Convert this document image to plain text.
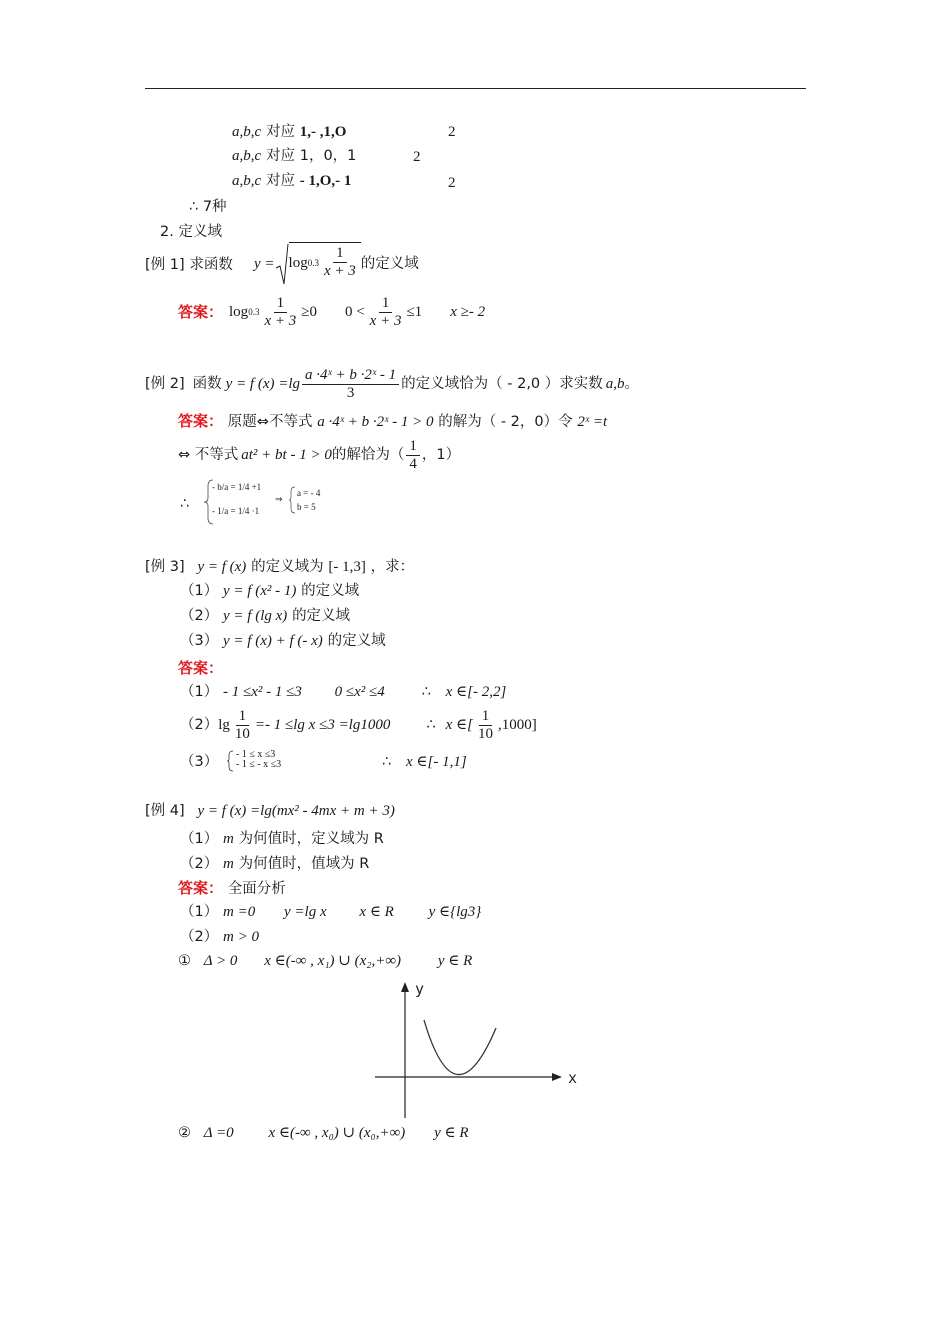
a,b,c 对应 1,- ,1,O	2
a,b,c 对应 1，0，1	2
a,b,c 对应 - 1,O,- 1	2
∴ 7种
2. 定义域
[例 1] 求函数 $y = \log 0.3 \frac{1}{x + 3}$ 的定义域
答案： $\log 0.3 \frac{1}{x + 3} \ge 0$ $0 < \frac{1}{x + 3} \le 1$ x ≥- 2
[例 2] 函数 y = f $(x) =\lg \frac{\text{a ·4ˣ + b ·2ˣ - 1}}{3}$ 的定义域恰为（ - 2,0 ）求实数 a,b 。
答案： 原题⇔不等式 a ·4ˣ + b ·2ˣ - 1 > 0 的解为（ - 2，0）令 2ˣ =t
⇔ 不等式 at² + bt - 1 > 0 的解恰为（ $\frac{1}{4}$ ，1）
∴
- b/a = 1/4 +1
- 1/a = 1/4 ·1
⇒
a = - 4
b = 5
[例 3] y = f (x) 的定义域为 [- 1,3] ，求：
（1） y = f (x² - 1) 的定义域
（2） y = f (lg x) 的定义域
（3） y = f (x) + f (- x) 的定义域
答案：
（1） - 1 ≤x² - 1 ≤3 0 ≤x² ≤4	∴ x ∈[- 2,2]
（2） $\lg \frac{1}{10} =- 1 \le\lg$ x ≤3 =lg1000 ∴ x ∈[ $\frac{1}{10} ,1000$]
（3） - 1 ≤ x ≤3
- 1 ≤ - x ≤3	∴ x ∈[- 1,1]
[例 4] y = f (x) =lg(mx² - 4mx + m + 3)
（1） m 为何值时，定义域为 R
（2） m 为何值时，值域为 R
答案： 全面分析
（1） m =0 y =lg x x ∈ R y ∈{lg3}
（2） m > 0
① Δ > 0 x ∈(-∞ , x₁) ∪ (x₂,+∞) y ∈ R
y
x
② Δ =0 x ∈(-∞ , x₀) ∪ (x₀,+∞) y ∈ R
